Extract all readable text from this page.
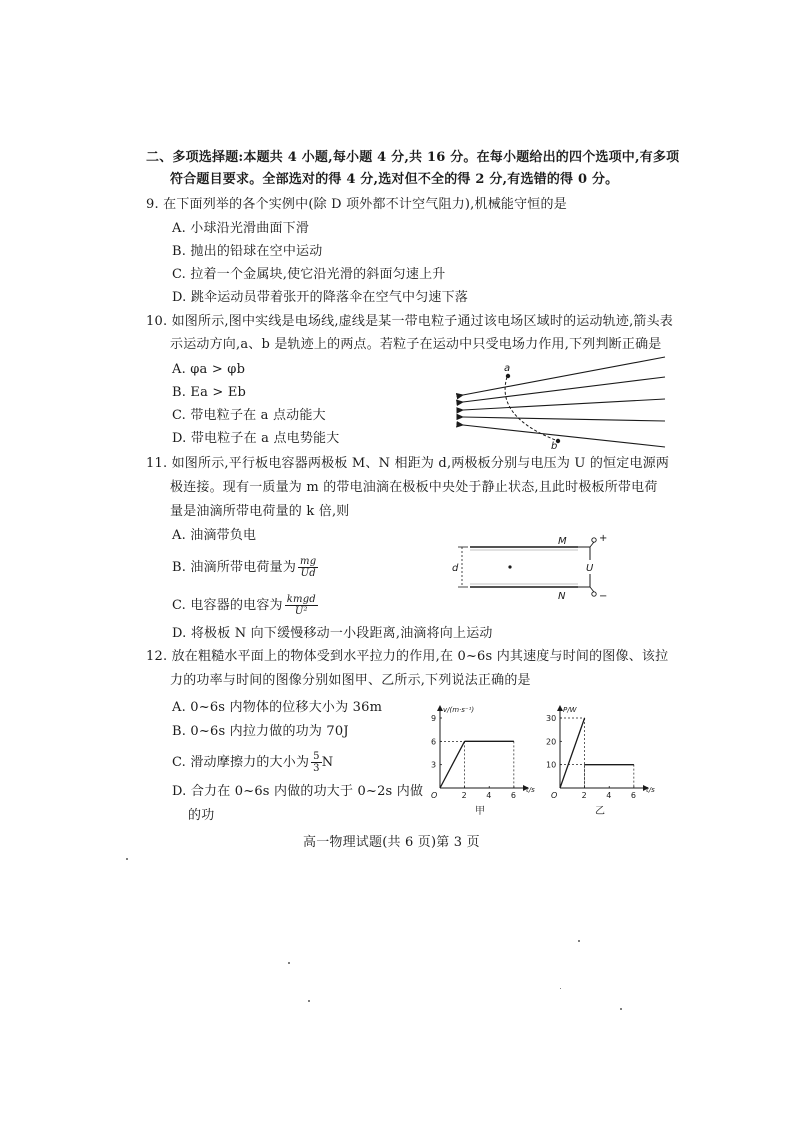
二、多项选择题:本题共 4 小题,每小题 4 分,共 16 分。在每小题给出的四个选项中,有多项
符合题目要求。全部选对的得 4 分,选对但不全的得 2 分,有选错的得 0 分。
9. 在下面列举的各个实例中(除 D 项外都不计空气阻力),机械能守恒的是
A. 小球沿光滑曲面下滑
B. 抛出的铅球在空中运动
C. 拉着一个金属块,使它沿光滑的斜面匀速上升
D. 跳伞运动员带着张开的降落伞在空气中匀速下落
10. 如图所示,图中实线是电场线,虚线是某一带电粒子通过该电场区域时的运动轨迹,箭头表
示运动方向,a、b 是轨迹上的两点。若粒子在运动中只受电场力作用,下列判断正确是
A. φa > φb
B. Ea > Eb
C. 带电粒子在 a 点动能大
D. 带电粒子在 a 点电势能大
a
b
11. 如图所示,平行板电容器两极板 M、N 相距为 d,两极板分别与电压为 U 的恒定电源两
极连接。现有一质量为 m 的带电油滴在极板中央处于静止状态,且此时极板所带电荷
量是油滴所带电荷量的 k 倍,则
A. 油滴带负电
B. 油滴所带电荷量为 $\frac{mg}{Ud}$
C. 电容器的电容为 $\frac{\text{kmgd}}{\text{U²}}$
D. 将极板 N 向下缓慢移动一小段距离,油滴将向上运动
d
M
N
U
+
−
12. 放在粗糙水平面上的物体受到水平拉力的作用,在 0~6s 内其速度与时间的图像、该拉
力的功率与时间的图像分别如图甲、乙所示,下列说法正确的是
A. 0~6s 内物体的位移大小为 36m
B. 0~6s 内拉力做的功为 70J
C. 滑动摩擦力的大小为 $\frac{5}{3}$ N
D. 合力在 0~6s 内做的功大于 0~2s 内做
的功
v/(m·s⁻¹)
t/s
O	2 4 6
3
6
9
甲
P/W
t/s
O	2 4 6
10
20
30
乙
高一物理试题(共 6 页)第 3 页
